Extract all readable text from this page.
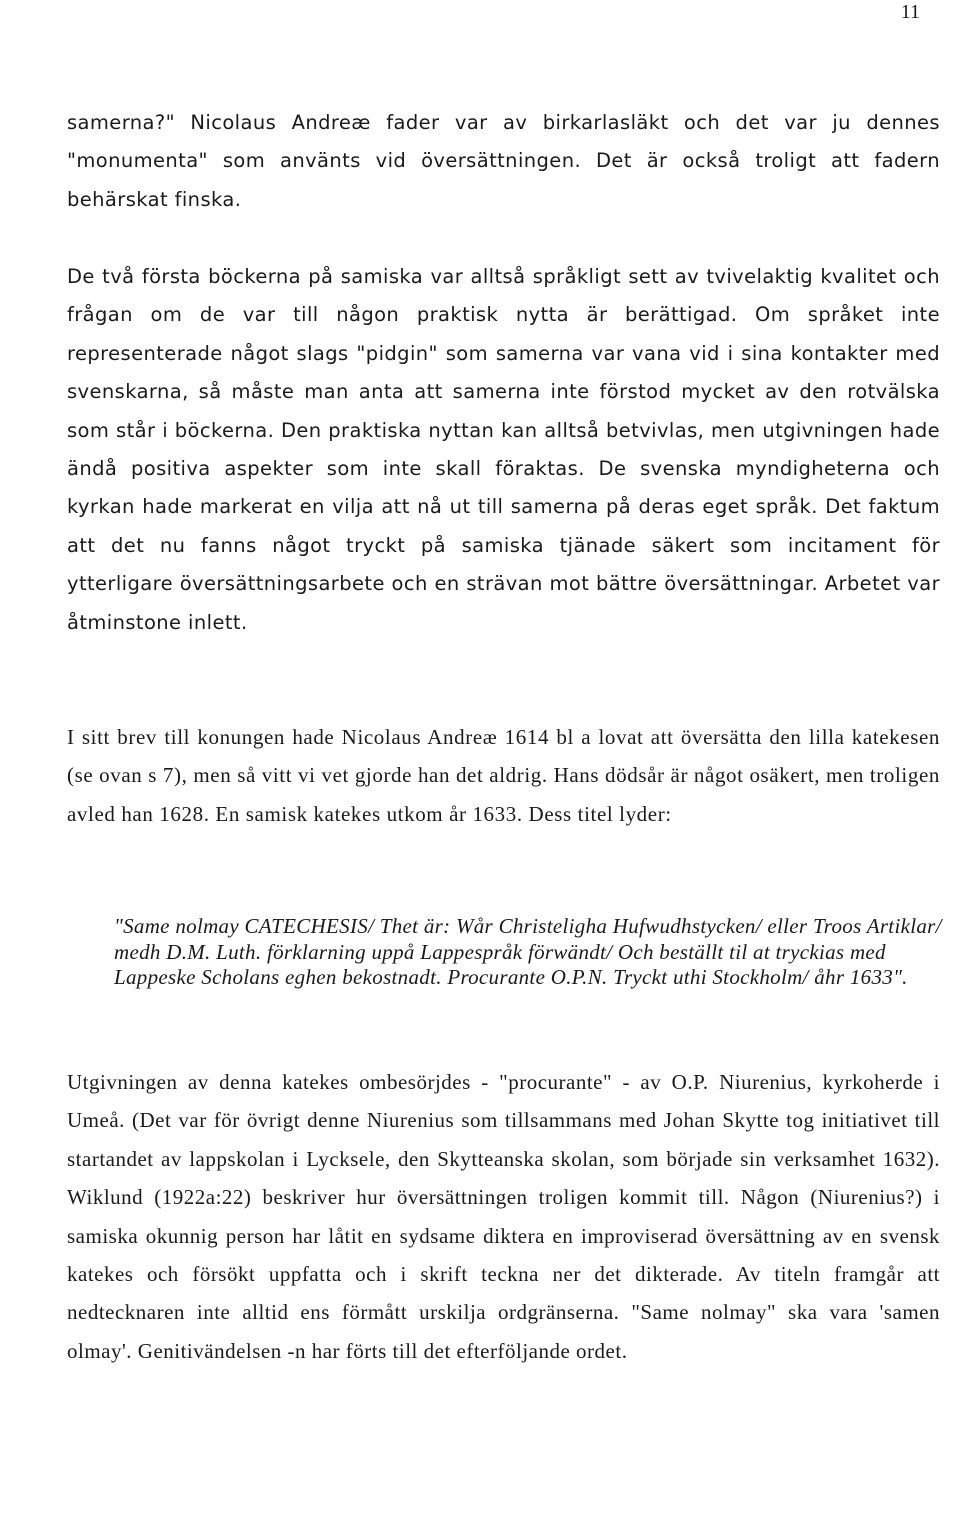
11

samerna?" Nicolaus Andreæ fader var av birkarlasläkt och det var ju dennes "monumenta" som använts vid översättningen. Det är också troligt att fadern behärskat finska.

De två första böckerna på samiska var alltså språkligt sett av tvivelaktig kvalitet och frågan om de var till någon praktisk nytta är berättigad. Om språket inte representerade något slags "pidgin" som samerna var vana vid i sina kontakter med svenskarna, så måste man anta att samerna inte förstod mycket av den rotvälska som står i böckerna. Den praktiska nyttan kan alltså betvivlas, men utgivningen hade ändå positiva aspekter som inte skall föraktas. De svenska myndigheterna och kyrkan hade markerat en vilja att nå ut till samerna på deras eget språk. Det faktum att det nu fanns något tryckt på samiska tjänade säkert som incitament för ytterligare översättningsarbete och en strävan mot bättre översättningar. Arbetet var åtminstone inlett.

I sitt brev till konungen hade Nicolaus Andreæ 1614 bl a lovat att översätta den lilla katekesen (se ovan s 7), men så vitt vi vet gjorde han det aldrig. Hans dödsår är något osäkert, men troligen avled han 1628. En samisk katekes utkom år 1633. Dess titel lyder:

"Same nolmay CATECHESIS/ Thet är: Wår Christeligha Hufwudhstycken/ eller Troos Artiklar/ medh D.M. Luth. förklarning uppå Lappespråk förwändt/ Och beställt til at tryckias med Lappeske Scholans eghen bekostnadt. Procurante O.P.N. Tryckt uthi Stockholm/ åhr 1633".

Utgivningen av denna katekes ombesörjdes - "procurante" - av O.P. Niurenius, kyrkoherde i Umeå. (Det var för övrigt denne Niurenius som tillsammans med Johan Skytte tog initiativet till startandet av lappskolan i Lycksele, den Skytteanska skolan, som började sin verksamhet 1632). Wiklund (1922a:22) beskriver hur översättningen troligen kommit till. Någon (Niurenius?) i samiska okunnig person har låtit en sydsame diktera en improviserad översättning av en svensk katekes och försökt uppfatta och i skrift teckna ner det dikterade. Av titeln framgår att nedtecknaren inte alltid ens förmått urskilja ordgränserna. "Same nolmay" ska vara 'samen olmay'. Genitivändelsen -n har förts till det efterföljande ordet.
